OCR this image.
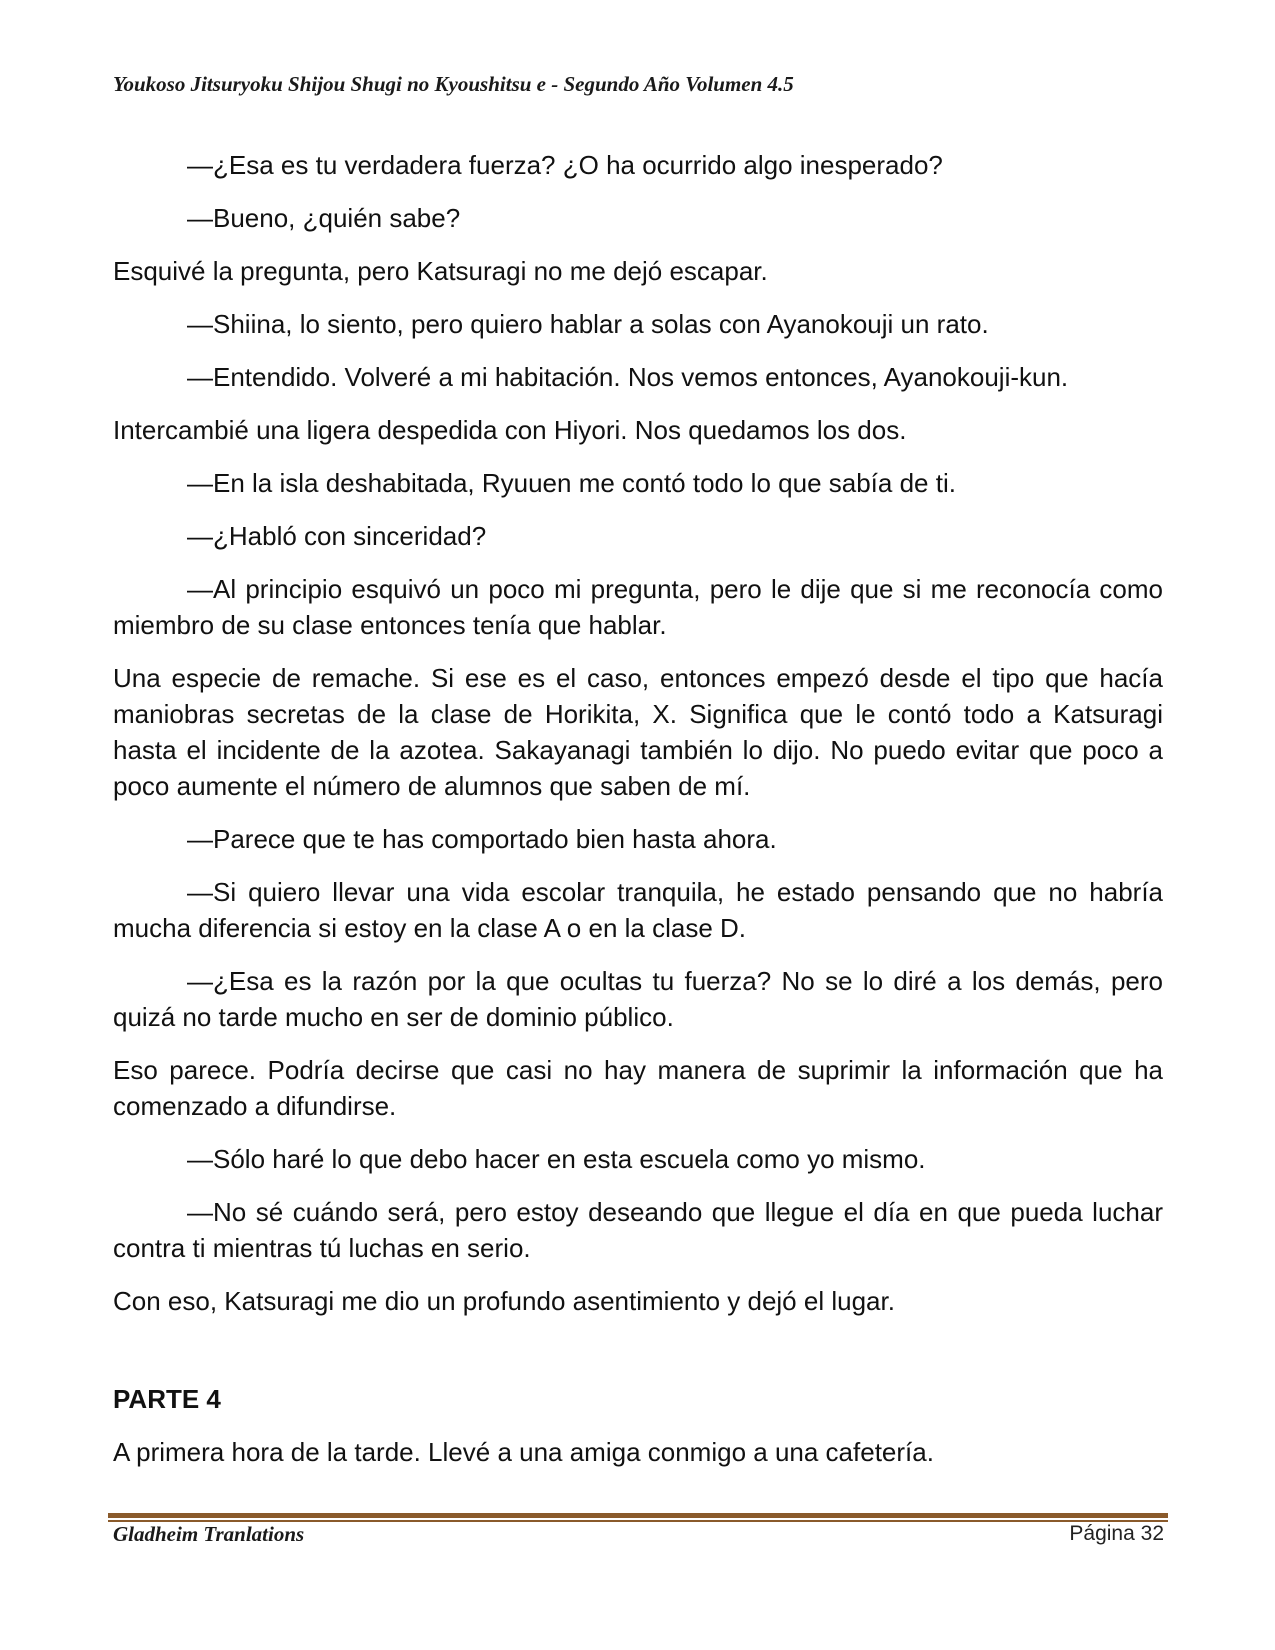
Youkoso Jitsuryoku Shijou Shugi no Kyoushitsu e - Segundo Año Volumen 4.5

—¿Esa es tu verdadera fuerza? ¿O ha ocurrido algo inesperado?

—Bueno, ¿quién sabe?

Esquivé la pregunta, pero Katsuragi no me dejó escapar.

—Shiina, lo siento, pero quiero hablar a solas con Ayanokouji un rato.

—Entendido. Volveré a mi habitación. Nos vemos entonces, Ayanokouji-kun.

Intercambié una ligera despedida con Hiyori. Nos quedamos los dos.

—En la isla deshabitada, Ryuuen me contó todo lo que sabía de ti.

—¿Habló con sinceridad?

—Al principio esquivó un poco mi pregunta, pero le dije que si me reconocía como miembro de su clase entonces tenía que hablar.

Una especie de remache. Si ese es el caso, entonces empezó desde el tipo que hacía maniobras secretas de la clase de Horikita, X. Significa que le contó todo a Katsuragi hasta el incidente de la azotea. Sakayanagi también lo dijo. No puedo evitar que poco a poco aumente el número de alumnos que saben de mí.

—Parece que te has comportado bien hasta ahora.

—Si quiero llevar una vida escolar tranquila, he estado pensando que no habría mucha diferencia si estoy en la clase A o en la clase D.

—¿Esa es la razón por la que ocultas tu fuerza? No se lo diré a los demás, pero quizá no tarde mucho en ser de dominio público.

Eso parece. Podría decirse que casi no hay manera de suprimir la información que ha comenzado a difundirse.

—Sólo haré lo que debo hacer en esta escuela como yo mismo.

—No sé cuándo será, pero estoy deseando que llegue el día en que pueda luchar contra ti mientras tú luchas en serio.

Con eso, Katsuragi me dio un profundo asentimiento y dejó el lugar.

PARTE 4

A primera hora de la tarde. Llevé a una amiga conmigo a una cafetería.

Gladheim Tranlations	Página 32
